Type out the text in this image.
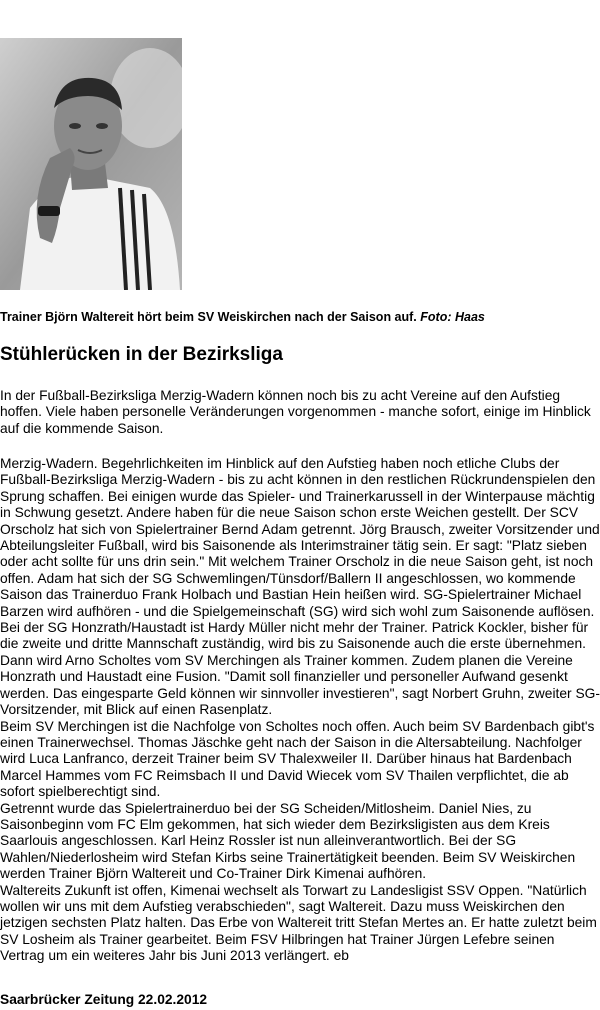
Trainer Björn Waltereit hört beim SV Weiskirchen nach der Saison auf. Foto: Haas
Stühlerücken in der Bezirksliga

In der Fußball-Bezirksliga Merzig-Wadern können noch bis zu acht Vereine auf den Aufstieg hoffen. Viele haben personelle Veränderungen vorgenommen - manche sofort, einige im Hinblick auf die kommende Saison.

Merzig-Wadern. Begehrlichkeiten im Hinblick auf den Aufstieg haben noch etliche Clubs der Fußball-Bezirksliga Merzig-Wadern - bis zu acht können in den restlichen Rückrundenspielen den Sprung schaffen. Bei einigen wurde das Spieler- und Trainerkarussell in der Winterpause mächtig in Schwung gesetzt. Andere haben für die neue Saison schon erste Weichen gestellt. Der SCV Orscholz hat sich von Spielertrainer Bernd Adam getrennt. Jörg Brausch, zweiter Vorsitzender und Abteilungsleiter Fußball, wird bis Saisonende als Interimstrainer tätig sein. Er sagt: "Platz sieben oder acht sollte für uns drin sein." Mit welchem Trainer Orscholz in die neue Saison geht, ist noch offen. Adam hat sich der SG Schwemlingen/Tünsdorf/Ballern II angeschlossen, wo kommende Saison das Trainerduo Frank Holbach und Bastian Hein heißen wird. SG-Spielertrainer Michael Barzen wird aufhören - und die Spielgemeinschaft (SG) wird sich wohl zum Saisonende auflösen.

Bei der SG Honzrath/Haustadt ist Hardy Müller nicht mehr der Trainer. Patrick Kockler, bisher für die zweite und dritte Mannschaft zuständig, wird bis zu Saisonende auch die erste übernehmen. Dann wird Arno Scholtes vom SV Merchingen als Trainer kommen. Zudem planen die Vereine Honzrath und Haustadt eine Fusion. "Damit soll finanzieller und personeller Aufwand gesenkt werden. Das eingesparte Geld können wir sinnvoller investieren", sagt Norbert Gruhn, zweiter SG-Vorsitzender, mit Blick auf einen Rasenplatz.

Beim SV Merchingen ist die Nachfolge von Scholtes noch offen. Auch beim SV Bardenbach gibt's einen Trainerwechsel. Thomas Jäschke geht nach der Saison in die Altersabteilung. Nachfolger wird Luca Lanfranco, derzeit Trainer beim SV Thalexweiler II. Darüber hinaus hat Bardenbach Marcel Hammes vom FC Reimsbach II und David Wiecek vom SV Thailen verpflichtet, die ab sofort spielberechtigt sind.

Getrennt wurde das Spielertrainerduo bei der SG Scheiden/Mitlosheim. Daniel Nies, zu Saisonbeginn vom FC Elm gekommen, hat sich wieder dem Bezirksligisten aus dem Kreis Saarlouis angeschlossen. Karl Heinz Rossler ist nun alleinverantwortlich. Bei der SG Wahlen/Niederlosheim wird Stefan Kirbs seine Trainertätigkeit beenden. Beim SV Weiskirchen werden Trainer Björn Waltereit und Co-Trainer Dirk Kimenai aufhören.

Waltereits Zukunft ist offen, Kimenai wechselt als Torwart zu Landesligist SSV Oppen. "Natürlich wollen wir uns mit dem Aufstieg verabschieden", sagt Waltereit. Dazu muss Weiskirchen den jetzigen sechsten Platz halten. Das Erbe von Waltereit tritt Stefan Mertes an. Er hatte zuletzt beim SV Losheim als Trainer gearbeitet. Beim FSV Hilbringen hat Trainer Jürgen Lefebre seinen Vertrag um ein weiteres Jahr bis Juni 2013 verlängert. eb

Saarbrücker Zeitung 22.02.2012
